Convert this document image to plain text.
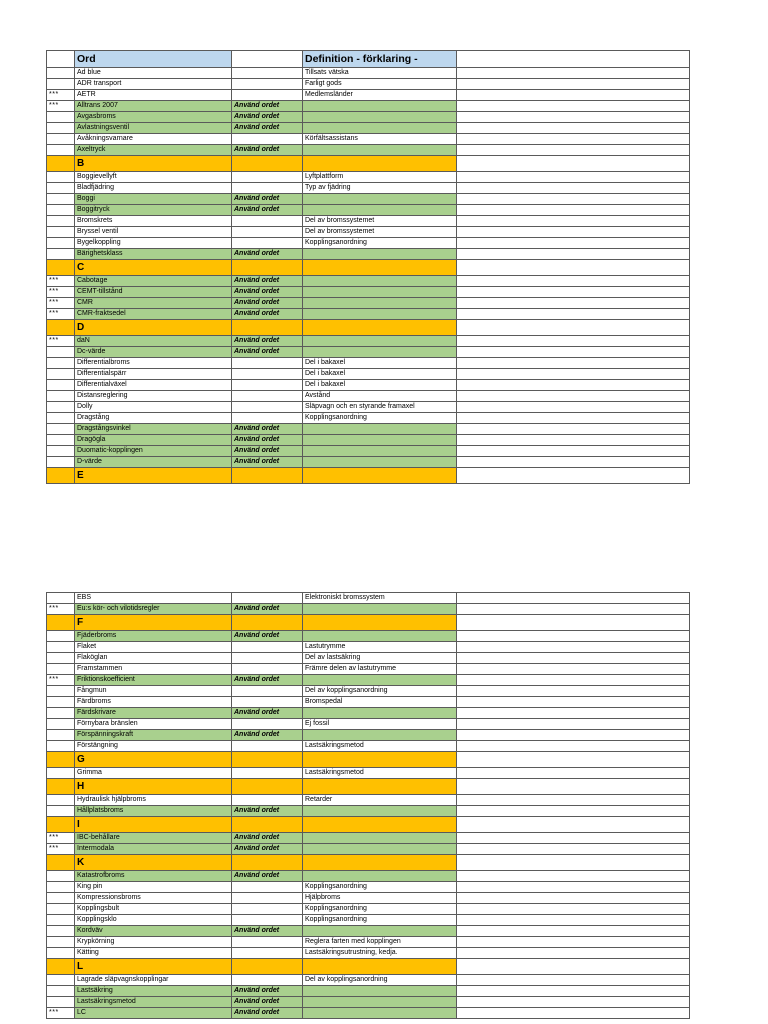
	Ord		Definition - förklaring -	
	Ad blue		Tillsats vätska	
	ADR transport		Farligt gods	
***	AETR		Medlemsländer	
***	Alltrans 2007	Använd ordet		
	Avgasbroms	Använd ordet		
	Avlastningsventil	Använd ordet		
	Avåkningsvarnare		Körfältsassistans	
	Axeltryck	Använd ordet		
	B			
	Boggievellyft		Lyftplattform	
	Bladfjädring		Typ av fjädring	
	Boggi	Använd ordet		
	Boggitryck	Använd ordet		
	Bromskrets		Del av bromssystemet	
	Bryssel ventil		Del av bromssystemet	
	Bygelkoppling		Kopplingsanordning	
	Bärighetsklass	Använd ordet		
	C			
***	Cabotage	Använd ordet		
***	CEMT-tillstånd	Använd ordet		
***	CMR	Använd ordet		
***	CMR-fraktsedel	Använd ordet		
	D			
***	daN	Använd ordet		
	Dc-värde	Använd ordet		
	Differentialbroms		Del i bakaxel	
	Differentialspärr		Del i bakaxel	
	Differentialväxel		Del i bakaxel	
	Distansreglering		Avstånd	
	Dolly		Släpvagn och en styrande framaxel	
	Dragstång		Kopplingsanordning	
	Dragstångsvinkel	Använd ordet		
	Dragögla	Använd ordet		
	Duomatic-kopplingen	Använd ordet		
	D-värde	Använd ordet		
	E			
	EBS		Elektroniskt bromssystem	
***	Eu:s kör- och vilotidsregler	Använd ordet		
	F			
	Fjäderbroms	Använd ordet		
	Flaket		Lastutrymme	
	Flaköglan		Del av lastsäkring	
	Framstammen		Främre delen av lastutrymme	
***	Friktionskoefficient	Använd ordet		
	Fångmun		Del av kopplingsanordning	
	Färdbroms		Bromspedal	
	Färdskrivare	Använd ordet		
	Förnybara bränslen		Ej fossil	
	Förspänningskraft	Använd ordet		
	Förstängning		Lastsäkringsmetod	
	G			
	Grimma		Lastsäkringsmetod	
	H			
	Hydraulisk hjälpbroms		Retarder	
	Hållplatsbroms	Använd ordet		
	I			
***	IBC-behållare	Använd ordet		
***	Intermodala	Använd ordet		
	K			
	Katastrofbroms	Använd ordet		
	King pin		Kopplingsanordning	
	Kompressionsbroms		Hjälpbroms	
	Kopplingsbult		Kopplingsanordning	
	Kopplingsklo		Kopplingsanordning	
	Kordväv	Använd ordet		
	Krypkörning		Reglera farten med kopplingen	
	Kätting		Lastsäkringsutrustning, kedja.	
	L			
	Lagrade släpvagnskopplingar		Del av kopplingsanordning	
	Lastsäkring	Använd ordet		
	Lastsäkringsmetod	Använd ordet		
***	LC	Använd ordet		
